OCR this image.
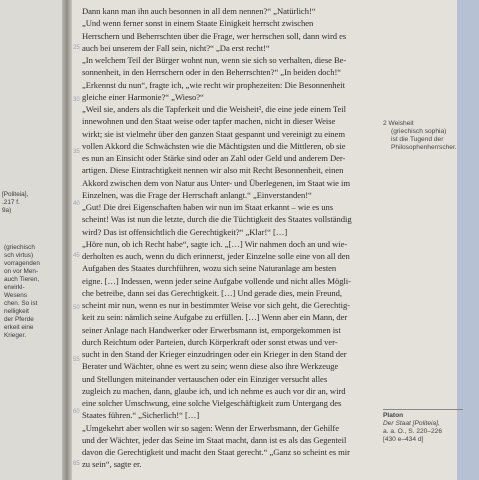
[Politeia],
.217 f.
9a)
(griechisch
sch virtus)
vorragenden
on vor Men-
auch Tieren,
erwirkl-
Wesens
chen. So ist
nelligkeit
der Pferde
erkeit eine
Krieger.
25
30
35
40
45
50
55
60
65
Dann kann man ihn auch besonnen in all dem nennen?“ „Natürlich!“
„Und wenn ferner sonst in einem Staate Einigkeit herrscht zwischen
Herrschern und Beherrschten über die Frage, wer herrschen soll, dann wird es
auch bei unserem der Fall sein, nicht?“ „Da erst recht!“
„In welchem Teil der Bürger wohnt nun, wenn sie sich so verhalten, diese Be-
sonnenheit, in den Herrschern oder in den Beherrschten?“ „In beiden doch!“
„Erkennst du nun“, fragte ich, „wie recht wir prophezeiten: Die Besonnenheit
gleiche einer Harmonie?“ „Wieso?“
„Weil sie, anders als die Tapferkeit und die Weisheit², die eine jede einem Teil
innewohnen und den Staat weise oder tapfer machen, nicht in dieser Weise
wirkt; sie ist vielmehr über den ganzen Staat gespannt und vereinigt zu einem
vollen Akkord die Schwächsten wie die Mächtigsten und die Mittleren, ob sie
es nun an Einsicht oder Stärke sind oder an Zahl oder Geld und anderem Der-
artigen. Diese Eintrachtigkeit nennen wir also mit Recht Besonnenheit, einen
Akkord zwischen dem von Natur aus Unter- und Überlegenen, im Staat wie im
Einzelnen, was die Frage der Herrschaft anlangt.“ „Einverstanden!“
„Gut! Die drei Eigenschaften haben wir nun im Staat erkannt – wie es uns
scheint! Was ist nun die letzte, durch die die Tüchtigkeit des Staates vollständig
wird? Das ist offensichtlich die Gerechtigkeit?“ „Klar!“ […]
„Höre nun, ob ich Recht habe“, sagte ich. „[…] Wir nahmen doch an und wie-
derholten es auch, wenn du dich erinnerst, jeder Einzelne solle eine von all den
Aufgaben des Staates durchführen, wozu sich seine Naturanlage am besten
eigne. […] Indessen, wenn jeder seine Aufgabe vollende und nicht alles Mögli-
che betreibe, dann sei das Gerechtigkeit. […] Und gerade dies, mein Freund,
scheint mir nun, wenn es nur in bestimmter Weise vor sich geht, die Gerechtig-
keit zu sein: nämlich seine Aufgabe zu erfüllen. […] Wenn aber ein Mann, der
seiner Anlage nach Handwerker oder Erwerbsmann ist, emporgekommen ist
durch Reichtum oder Parteien, durch Körperkraft oder sonst etwas und ver-
sucht in den Stand der Krieger einzudringen oder ein Krieger in den Stand der
Berater und Wächter, ohne es wert zu sein; wenn diese also ihre Werkzeuge
und Stellungen miteinander vertauschen oder ein Einziger versucht alles
zugleich zu machen, dann, glaube ich, und ich nehme es auch vor dir an, wird
eine solcher Umschwung, eine solche Vielgeschäftigkeit zum Untergang des
Staates führen.“ „Sicherlich!“ […]
„Umgekehrt aber wollen wir so sagen: Wenn der Erwerbsmann, der Gehilfe
und der Wächter, jeder das Seine im Staat macht, dann ist es als das Gegenteil
davon die Gerechtigkeit und macht den Staat gerecht.“ „Ganz so scheint es mir
zu sein“, sagte er.
2 Weisheit
(griechisch sophia)
ist die Tugend der
Philosophenherrscher.
Platon
Der Staat [Politeia],
a. a. O., S. 220–226
[430 e–434 d]
